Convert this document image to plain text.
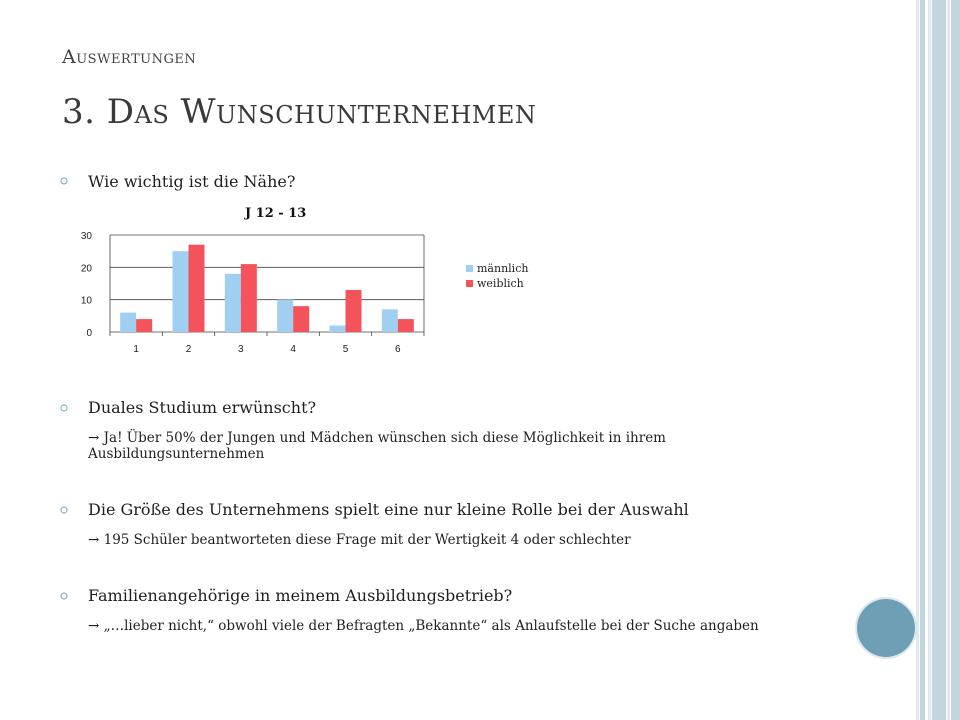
Auswertungen
3. Das Wunschunternehmen
Wie wichtig ist die Nähe?
J 12 - 13
0
10
20
30
1	2	3	4	5	6
männlich
weiblich
Duales Studium erwünscht?
→ Ja! Über 50% der Jungen und Mädchen wünschen sich diese Möglichkeit in ihrem Ausbildungsunternehmen
Die Größe des Unternehmens spielt eine nur kleine Rolle bei der Auswahl
→ 195 Schüler beantworteten diese Frage mit der Wertigkeit 4 oder schlechter
Familienangehörige in meinem Ausbildungsbetrieb?
→ „…lieber nicht,“ obwohl viele der Befragten „Bekannte“ als Anlaufstelle bei der Suche angaben
